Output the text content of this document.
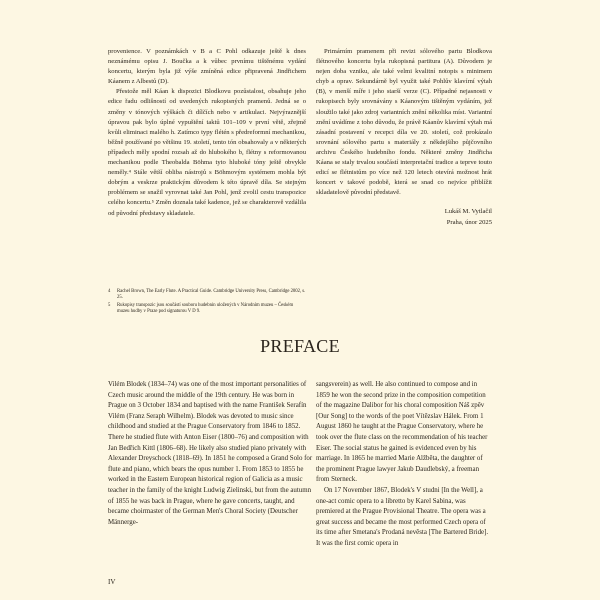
provenience. V poznámkách v B a C Pohl odkazuje ještě k dnes neznámému opisu J. Boučka a k vůbec prvnímu tištěnému vydání koncertu, kterým byla již výše zmíněná edice připravená Jindřichem Káanem z Albestů (D).

Přestože měl Káan k dispozici Blodkovu pozůstalost, obsahuje jeho edice řadu odlišností od uvedených rukopisných pramenů. Jedná se o změny v tónových výškách či dílčích nebo v artikulaci. Nejvýraznější úpravou pak bylo úplné vypuštění taktů 101–109 v první větě, zřejmě kvůli eliminaci malého h. Zatímco typy flétén s předreformní mechanikou, běžně používané po většinu 19. století, tento tón obsahovaly a v některých případech měly spodní rozsah až do hlubokého b, flétny s reformovanou mechanikou podle Theobalda Böhma tyto hluboké tóny ještě obvykle neměly.⁴ Stále větší obliba nástrojů s Böhmovým systémem mohla být dobrým a veskrze praktickým důvodem k této úpravě díla. Se stejným problémem se snažil vyrovnat také Jan Pohl, jenž zvolil cestu transpozice celého koncertu.⁵ Změn doznala také kadence, jež se charakterově vzdálila od původní představy skladatele.

4	Rachel Brown, The Early Flute. A Practical Guide. Cambridge University Press, Cambridge 2002, s. 25.
5	Rukopisy transpozic jsou součástí souboru hudebnin uložených v Národním muzeu – Českém muzeu hudby v Praze pod signaturou V D 9.

Primárním pramenem při revizi sólového partu Blodkova flétnového koncertu byla rukopisná partitura (A). Důvodem je nejen doba vzniku, ale také velmi kvalitní notopis s minimem chyb a oprav. Sekundárně byl využit také Pohlův klavírní výtah (B), v menší míře i jeho starší verze (C). Případné nejasnosti v rukopisech byly srovnávány s Káanovým tištěným vydáním, jež sloužilo také jako zdroj variantních znění několika míst. Variantní znění uvádíme z toho důvodu, že právě Káanův klavírní výtah má zásadní postavení v recepci díla ve 20. století, což prokázalo srovnání sólového partu s materiály z někdejšího půjčovního archivu Českého hudebního fondu. Některé změny Jindřicha Káana se staly trvalou součástí interpretační tradice a teprve touto edicí se flétnistům po více než 120 letech otevírá možnost hrát koncert v takové podobě, která se snad co nejvíce přiblížit skladatelově původní představě.

Lukáš M. Vytlačil
Praha, únor 2025
PREFACE

Vilém Blodek (1834–74) was one of the most important personalities of Czech music around the middle of the 19th century. He was born in Prague on 3 October 1834 and baptised with the name František Serafín Vilém (Franz Seraph Wilhelm). Blodek was devoted to music since childhood and studied at the Prague Conservatory from 1846 to 1852. There he studied flute with Anton Eiser (1800–76) and composition with Jan Bedřich Kittl (1806–68). He likely also studied piano privately with Alexander Dreyschock (1818–69). In 1851 he composed a Grand Solo for flute and piano, which bears the opus number 1. From 1853 to 1855 he worked in the Eastern European historical region of Galicia as a music teacher in the family of the knight Ludwig Zielinski, but from the autumn of 1855 he was back in Prague, where he gave concerts, taught, and became choirmaster of the German Men's Choral Society (Deutscher Männerge-

sangsverein) as well. He also continued to compose and in 1859 he won the second prize in the composition competition of the magazine Dalibor for his choral composition Náš zpěv [Our Song] to the words of the poet Vítězslav Hálek. From 1 August 1860 he taught at the Prague Conservatory, where he took over the flute class on the recommendation of his teacher Eiser. The social status he gained is evidenced even by his marriage. In 1865 he married Marie Alžběta, the daughter of the prominent Prague lawyer Jakub Daudlebský, a freeman from Sterneck.

On 17 November 1867, Blodek's V studni [In the Well], a one-act comic opera to a libretto by Karel Sabina, was premiered at the Prague Provisional Theatre. The opera was a great success and became the most performed Czech opera of its time after Smetana's Prodaná nevěsta [The Bartered Bride]. It was the first comic opera in

IV
